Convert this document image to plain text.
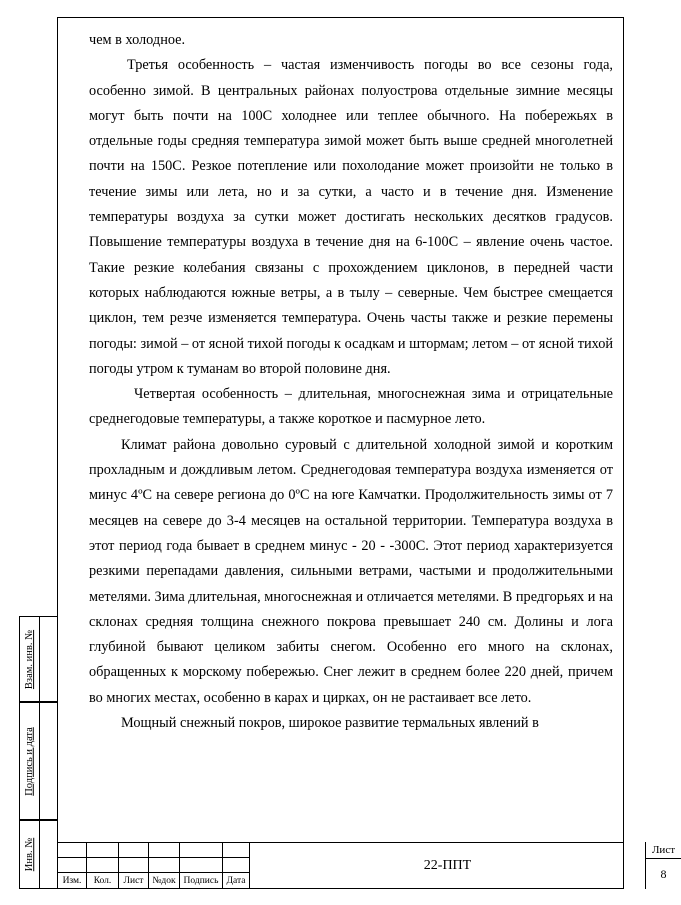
чем в холодное.

Третья особенность – частая изменчивость погоды во все сезоны года, особенно зимой. В центральных районах полуострова отдельные зимние месяцы могут быть почти на 100С холоднее или теплее обычного. На побережьях в отдельные годы средняя температура зимой может быть выше средней многолетней почти на 150С. Резкое потепление или похолодание может произойти не только в течение зимы или лета, но и за сутки, а часто и в течение дня. Изменение температуры воздуха за сутки может достигать нескольких десятков градусов. Повышение температуры воздуха в течение дня на 6-100С – явление очень частое. Такие резкие колебания связаны с прохождением циклонов, в передней части которых наблюдаются южные ветры, а в тылу – северные. Чем быстрее смещается циклон, тем резче изменяется температура. Очень часты также и резкие перемены погоды: зимой – от ясной тихой погоды к осадкам и штормам; летом – от ясной тихой погоды утром к туманам во второй половине дня.

Четвертая особенность – длительная, многоснежная зима и отрицательные среднегодовые температуры, а также короткое и пасмурное лето.

Климат района довольно суровый с длительной холодной зимой и коротким прохладным и дождливым летом. Среднегодовая температура воздуха изменяется от минус 4ºС на севере региона до 0ºС на юге Камчатки. Продолжительность зимы от 7 месяцев на севере до 3-4 месяцев на остальной территории. Температура воздуха в этот период года бывает в среднем минус - 20 - -300С. Этот период характеризуется резкими перепадами давления, сильными ветрами, частыми и продолжительными метелями. Зима длительная, многоснежная и отличается метелями. В предгорьях и на склонах средняя толщина снежного покрова превышает 240 см. Долины и лога глубиной бывают целиком забиты снегом. Особенно его много на склонах, обращенных к морскому побережью. Снег лежит в среднем более 220 дней, причем во многих местах, особенно в карах и цирках, он не растаивает все лето.

Мощный снежный покров, широкое развитие термальных явлений в

Взам. инв. №
Подпись и дата
Инв. №
Изм.	Кол.	Лист №док Подпись Дата
22-ППТ
Лист
8
